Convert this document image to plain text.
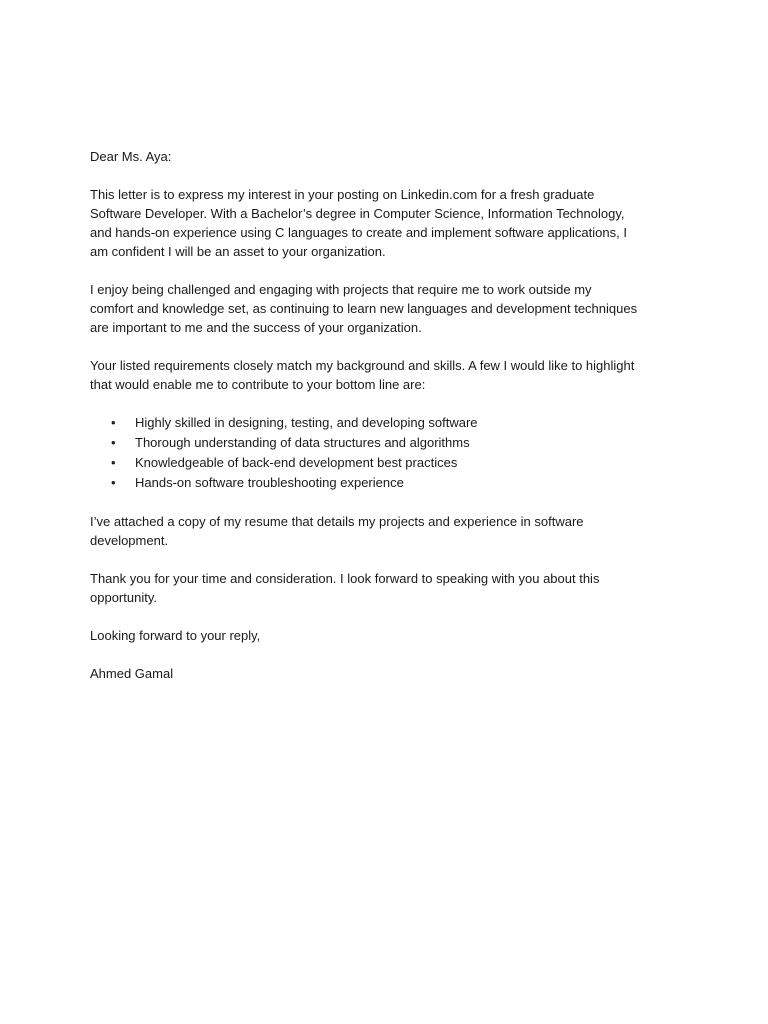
Dear Ms. Aya:

This letter is to express my interest in your posting on Linkedin.com for a fresh graduate
Software Developer. With a Bachelor’s degree in Computer Science, Information Technology,
and hands-on experience using C languages to create and implement software applications, I
am confident I will be an asset to your organization.

I enjoy being challenged and engaging with projects that require me to work outside my
comfort and knowledge set, as continuing to learn new languages and development techniques
are important to me and the success of your organization.

Your listed requirements closely match my background and skills. A few I would like to highlight
that would enable me to contribute to your bottom line are:

• Highly skilled in designing, testing, and developing software
• Thorough understanding of data structures and algorithms
• Knowledgeable of back-end development best practices
• Hands-on software troubleshooting experience

I’ve attached a copy of my resume that details my projects and experience in software
development.

Thank you for your time and consideration. I look forward to speaking with you about this
opportunity.

Looking forward to your reply,

Ahmed Gamal
